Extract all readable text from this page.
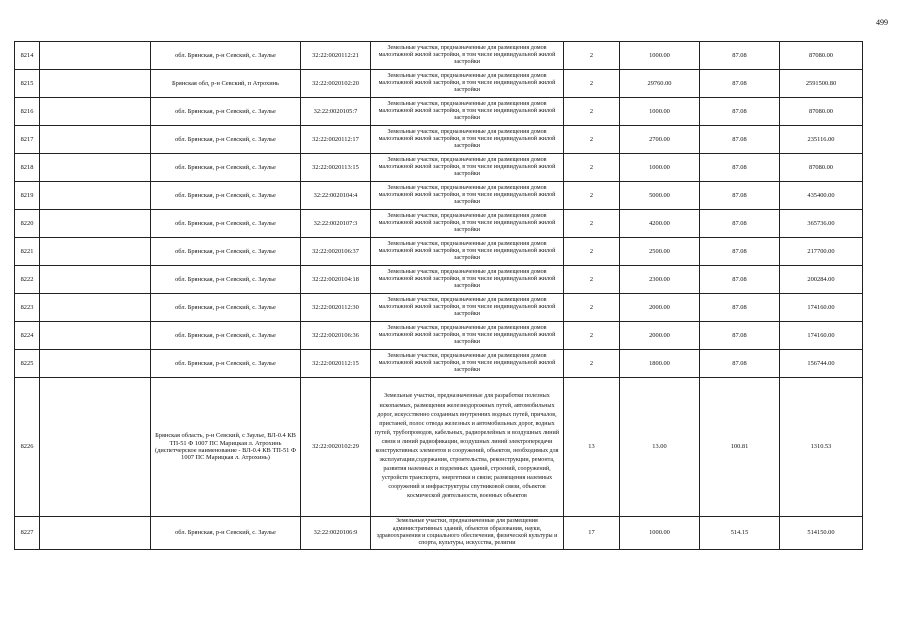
499
8214		обл. Брянская, р-н Севский, с. Заулье	32:22:0020112:21	Земельные участки, предназначенные для размещения домов малоэтажной жилой застройки, в том числе индивидуальной жилой застройки	2	1000.00	87.08	87080.00
8215		Брянская обл, р-н Севский, п Атрохинь	32:22:0020102:20	Земельные участки, предназначенные для размещения домов малоэтажной жилой застройки, в том числе индивидуальной жилой застройки	2	29760.00	87.08	2591500.80
8216		обл. Брянская, р-н Севский, с. Заулье	32:22:0020105:7	Земельные участки, предназначенные для размещения домов малоэтажной жилой застройки, в том числе индивидуальной жилой застройки	2	1000.00	87.08	87080.00
8217		обл. Брянская, р-н Севский, с. Заулье	32:22:0020112:17	Земельные участки, предназначенные для размещения домов малоэтажной жилой застройки, в том числе индивидуальной жилой застройки	2	2700.00	87.08	235116.00
8218		обл. Брянская, р-н Севский, с. Заулье	32:22:0020113:15	Земельные участки, предназначенные для размещения домов малоэтажной жилой застройки, в том числе индивидуальной жилой застройки	2	1000.00	87.08	87080.00
8219		обл. Брянская, р-н Севский, с. Заулье	32:22:0020104:4	Земельные участки, предназначенные для размещения домов малоэтажной жилой застройки, в том числе индивидуальной жилой застройки	2	5000.00	87.08	435400.00
8220		обл. Брянская, р-н Севский, с. Заулье	32:22:0020107:3	Земельные участки, предназначенные для размещения домов малоэтажной жилой застройки, в том числе индивидуальной жилой застройки	2	4200.00	87.08	365736.00
8221		обл. Брянская, р-н Севский, с. Заулье	32:22:0020106:37	Земельные участки, предназначенные для размещения домов малоэтажной жилой застройки, в том числе индивидуальной жилой застройки	2	2500.00	87.08	217700.00
8222		обл. Брянская, р-н Севский, с. Заулье	32:22:0020104:18	Земельные участки, предназначенные для размещения домов малоэтажной жилой застройки, в том числе индивидуальной жилой застройки	2	2300.00	87.08	200284.00
8223		обл. Брянская, р-н Севский, с. Заулье	32:22:0020112:30	Земельные участки, предназначенные для размещения домов малоэтажной жилой застройки, в том числе индивидуальной жилой застройки	2	2000.00	87.08	174160.00
8224		обл. Брянская, р-н Севский, с. Заулье	32:22:0020106:36	Земельные участки, предназначенные для размещения домов малоэтажной жилой застройки, в том числе индивидуальной жилой застройки	2	2000.00	87.08	174160.00
8225		обл. Брянская, р-н Севский, с. Заулье	32:22:0020112:15	Земельные участки, предназначенные для размещения домов малоэтажной жилой застройки, в том числе индивидуальной жилой застройки	2	1800.00	87.08	156744.00
8226		Брянская область, р-н Севский, с Заулье, ВЛ-0.4 КВ ТП-51 Ф 1007 ПС Марицкая л. Атрохинь (диспетчерское наименование - ВЛ-0.4 КВ ТП-51 Ф 1007 ПС Марицкая л. Атрохинь)	32:22:0020102:29	Земельные участки, предназначенные для разработки полезных ископаемых, размещения железнодорожных путей, автомобильных дорог, искусственно созданных внутренних водных путей, причалов, пристаней, полос отвода железных и автомобильных дорог, водных путей, трубопроводов, кабельных, радиорелейных и воздушных линий связи и линий радиофикации, воздушных линий электропередачи конструктивных элементов и сооружений, объектов, необходимых для эксплуатации,содержания, строительства, реконструкции, ремонта, развития наземных и подземных зданий, строений, сооружений, устройств транспорта, энергетики и связи; размещения наземных сооружений и инфраструктуры спутниковой связи, объектов космической деятельности, военных объектов	13	13.00	100.81	1310.53
8227		обл. Брянская, р-н Севский, с. Заулье	32:22:0020106:9	Земельные участки, предназначенные для размещения административных зданий, объектов образования, науки, здравоохранения и социального обеспечения, физической культуры и спорта, культуры, искусства, религии	17	1000.00	514.15	514150.00
